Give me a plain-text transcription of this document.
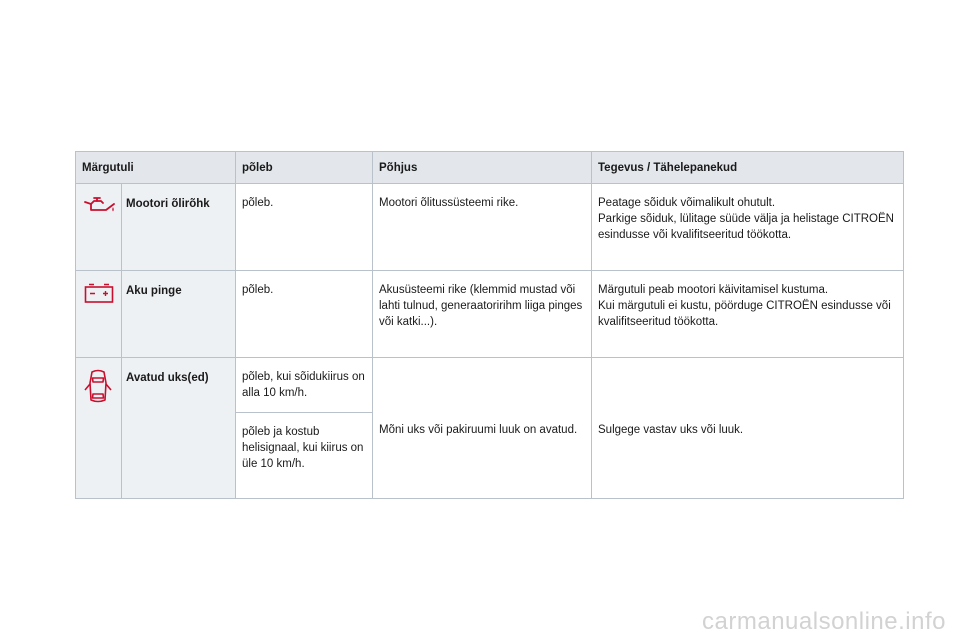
Märgutuli		põleb	Põhjus	Tegevus / Tähelepanekud

	Mootori õlirõhk	põleb.	Mootori õlitussüsteemi rike.	Peatage sõiduk võimalikult ohutult.
Parkige sõiduk, lülitage süüde välja ja helistage CITROËN esindusse või kvalifitseeritud töökotta.

	Aku pinge	põleb.	Akusüsteemi rike (klemmid mustad või lahti tulnud, generaatoririhm liiga pinges või katki...).	Märgutuli peab mootori käivitamisel kustuma.
Kui märgutuli ei kustu, pöörduge CITROËN esindusse või kvalifitseeritud töökotta.

	Avatud uks(ed)	põleb, kui sõidukiirus on alla 10 km/h.	Mõni uks või pakiruumi luuk on avatud.	Sulgege vastav uks või luuk.
		põleb ja kostub helisignaal, kui kiirus on üle 10 km/h.		
carmanualsonline.info
